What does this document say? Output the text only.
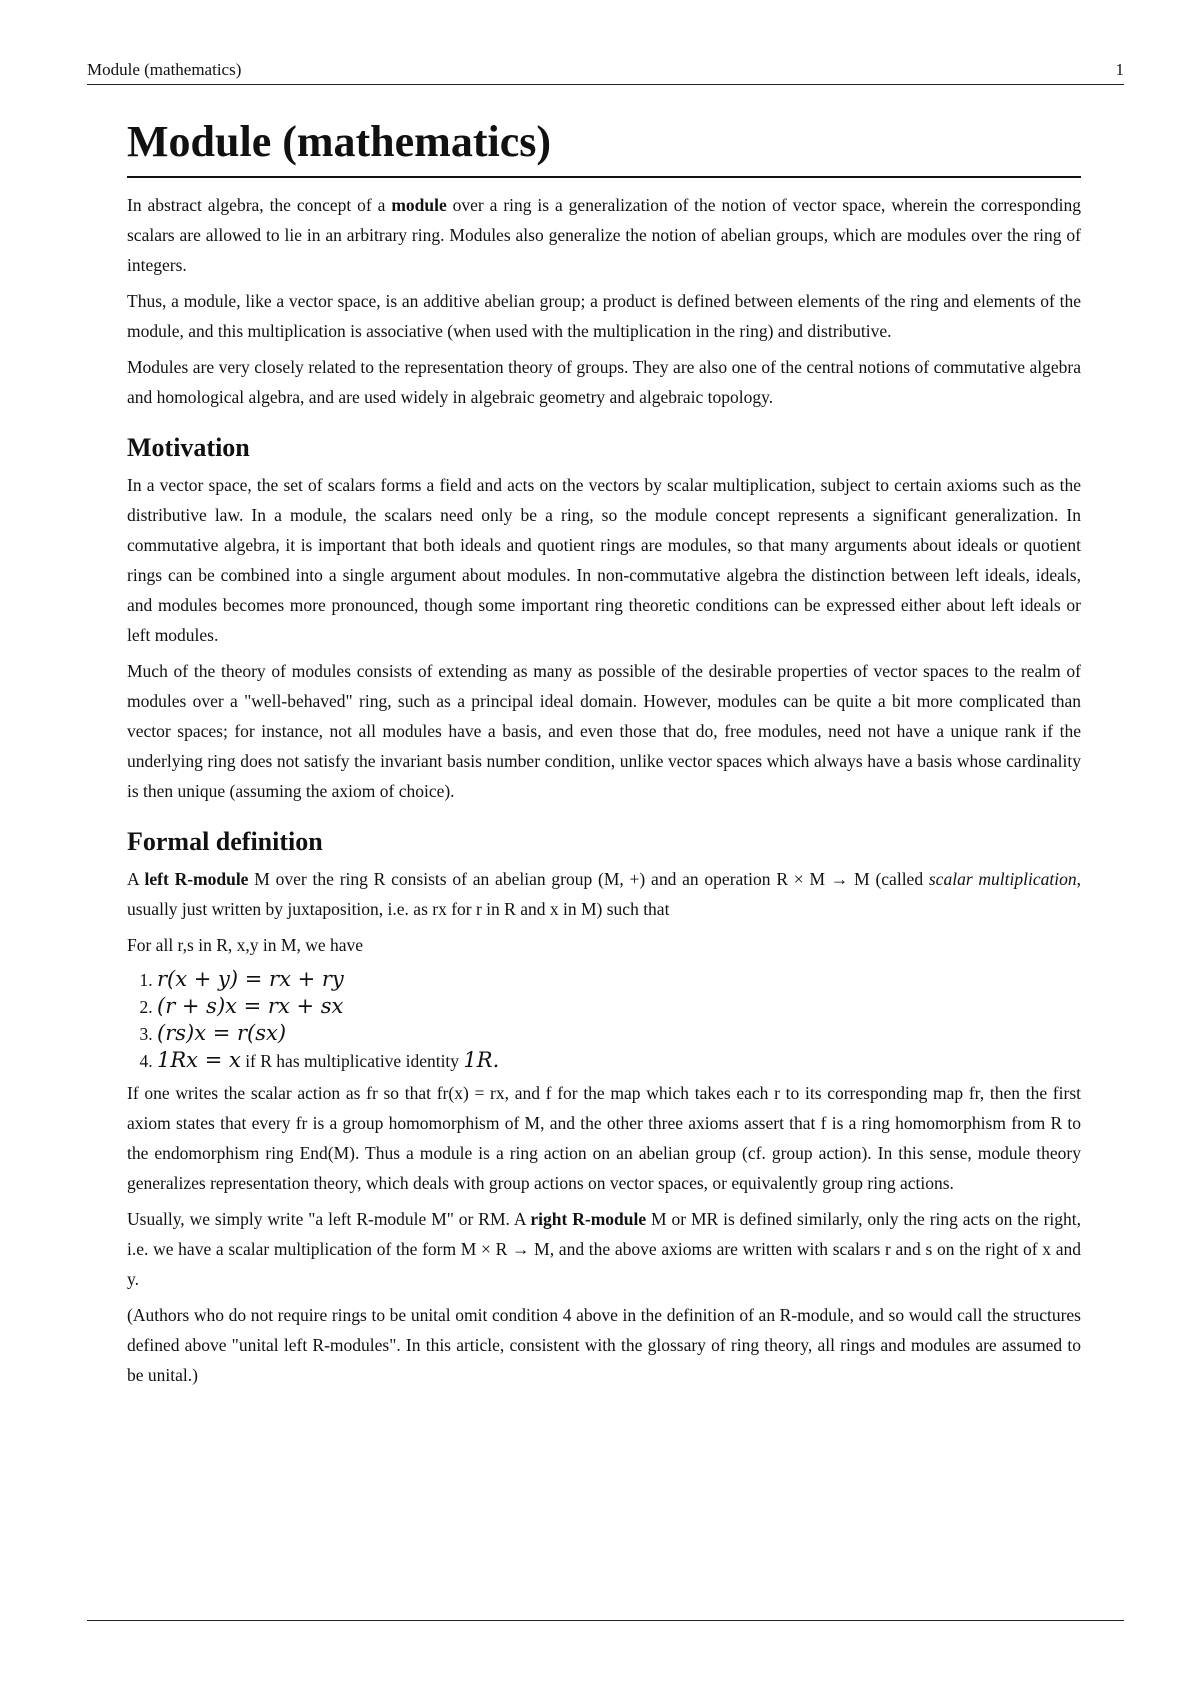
Module (mathematics)	1
Module (mathematics)

In abstract algebra, the concept of a module over a ring is a generalization of the notion of vector space, wherein the corresponding scalars are allowed to lie in an arbitrary ring. Modules also generalize the notion of abelian groups, which are modules over the ring of integers.

Thus, a module, like a vector space, is an additive abelian group; a product is defined between elements of the ring and elements of the module, and this multiplication is associative (when used with the multiplication in the ring) and distributive.

Modules are very closely related to the representation theory of groups. They are also one of the central notions of commutative algebra and homological algebra, and are used widely in algebraic geometry and algebraic topology.

Motivation

In a vector space, the set of scalars forms a field and acts on the vectors by scalar multiplication, subject to certain axioms such as the distributive law. In a module, the scalars need only be a ring, so the module concept represents a significant generalization. In commutative algebra, it is important that both ideals and quotient rings are modules, so that many arguments about ideals or quotient rings can be combined into a single argument about modules. In non-commutative algebra the distinction between left ideals, ideals, and modules becomes more pronounced, though some important ring theoretic conditions can be expressed either about left ideals or left modules.

Much of the theory of modules consists of extending as many as possible of the desirable properties of vector spaces to the realm of modules over a "well-behaved" ring, such as a principal ideal domain. However, modules can be quite a bit more complicated than vector spaces; for instance, not all modules have a basis, and even those that do, free modules, need not have a unique rank if the underlying ring does not satisfy the invariant basis number condition, unlike vector spaces which always have a basis whose cardinality is then unique (assuming the axiom of choice).

Formal definition

A left R-module M over the ring R consists of an abelian group (M, +) and an operation R × M → M (called scalar multiplication, usually just written by juxtaposition, i.e. as rx for r in R and x in M) such that

For all r,s in R, x,y in M, we have

1. r(x + y) = rx + ry
2. (r + s)x = rx + sx
3. (rs)x = r(sx)
4. 1Rx = x if R has multiplicative identity 1R.

If one writes the scalar action as fr so that fr(x) = rx, and f for the map which takes each r to its corresponding map fr, then the first axiom states that every fr is a group homomorphism of M, and the other three axioms assert that f is a ring homomorphism from R to the endomorphism ring End(M). Thus a module is a ring action on an abelian group (cf. group action). In this sense, module theory generalizes representation theory, which deals with group actions on vector spaces, or equivalently group ring actions.

Usually, we simply write "a left R-module M" or RM. A right R-module M or MR is defined similarly, only the ring acts on the right, i.e. we have a scalar multiplication of the form M × R → M, and the above axioms are written with scalars r and s on the right of x and y.

(Authors who do not require rings to be unital omit condition 4 above in the definition of an R-module, and so would call the structures defined above "unital left R-modules". In this article, consistent with the glossary of ring theory, all rings and modules are assumed to be unital.)
